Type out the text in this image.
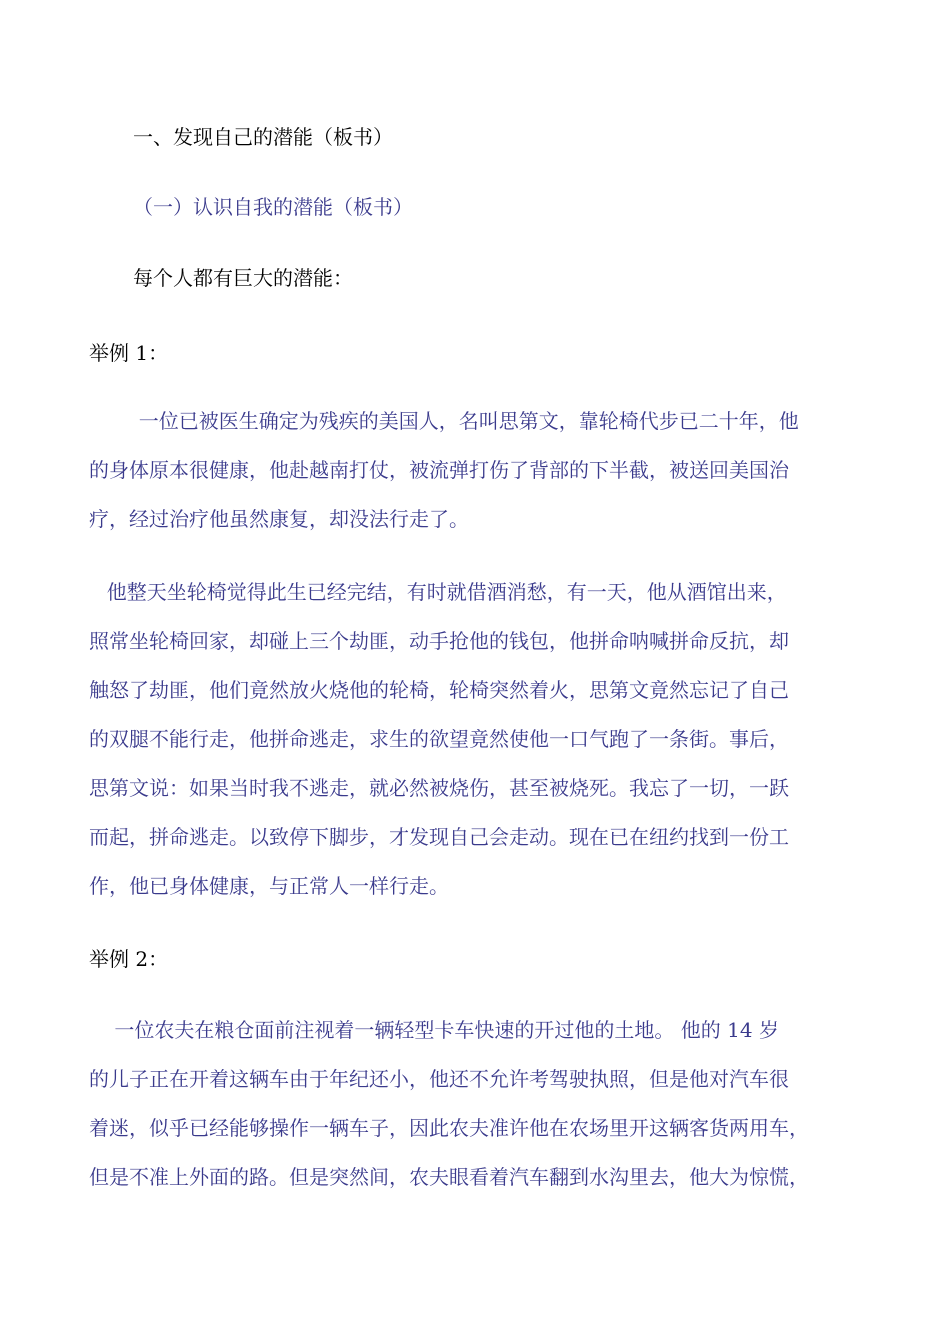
一、发现自己的潜能（板书）
（一）认识自我的潜能（板书）
每个人都有巨大的潜能：
举例 1：
一位已被医生确定为残疾的美国人，名叫思第文，靠轮椅代步已二十年，他
的身体原本很健康，他赴越南打仗，被流弹打伤了背部的下半截，被送回美国治
疗，经过治疗他虽然康复，却没法行走了。
他整天坐轮椅觉得此生已经完结，有时就借酒消愁，有一天，他从酒馆出来，
照常坐轮椅回家，却碰上三个劫匪，动手抢他的钱包，他拼命呐喊拼命反抗，却
触怒了劫匪，他们竟然放火烧他的轮椅，轮椅突然着火，思第文竟然忘记了自己
的双腿不能行走，他拼命逃走，求生的欲望竟然使他一口气跑了一条街。事后，
思第文说：如果当时我不逃走，就必然被烧伤，甚至被烧死。我忘了一切，一跃
而起，拼命逃走。以致停下脚步，才发现自己会走动。现在已在纽约找到一份工
作，他已身体健康，与正常人一样行走。
举例 2：
一位农夫在粮仓面前注视着一辆轻型卡车快速的开过他的土地。 他的 14 岁
的儿子正在开着这辆车由于年纪还小，他还不允许考驾驶执照，但是他对汽车很
着迷，似乎已经能够操作一辆车子，因此农夫准许他在农场里开这辆客货两用车，
但是不准上外面的路。但是突然间，农夫眼看着汽车翻到水沟里去，他大为惊慌，
